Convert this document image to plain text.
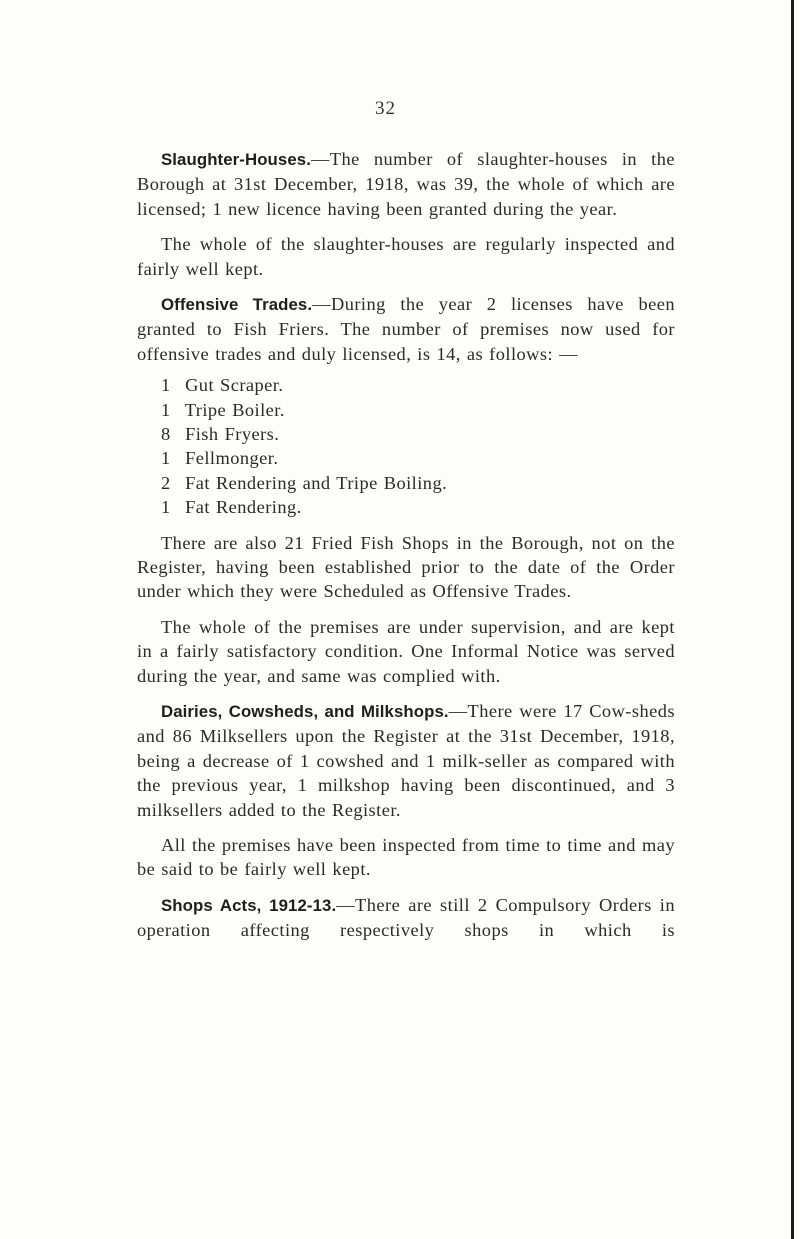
32

Slaughter-Houses.—The number of slaughter-houses in the Borough at 31st December, 1918, was 39, the whole of which are licensed; 1 new licence having been granted during the year.

The whole of the slaughter-houses are regularly inspected and fairly well kept.

Offensive Trades.—During the year 2 licenses have been granted to Fish Friers. The number of premises now used for offensive trades and duly licensed, is 14, as follows: —

1 Gut Scraper.
1 Tripe Boiler.
8 Fish Fryers.
1 Fellmonger.
2 Fat Rendering and Tripe Boiling.
1 Fat Rendering.

There are also 21 Fried Fish Shops in the Borough, not on the Register, having been established prior to the date of the Order under which they were Scheduled as Offensive Trades.

The whole of the premises are under supervision, and are kept in a fairly satisfactory condition. One Informal Notice was served during the year, and same was complied with.

Dairies, Cowsheds, and Milkshops.—There were 17 Cow-sheds and 86 Milksellers upon the Register at the 31st December, 1918, being a decrease of 1 cowshed and 1 milk-seller as compared with the previous year, 1 milkshop having been discontinued, and 3 milksellers added to the Register.

All the premises have been inspected from time to time and may be said to be fairly well kept.

Shops Acts, 1912-13.—There are still 2 Compulsory Orders in operation affecting respectively shops in which is
